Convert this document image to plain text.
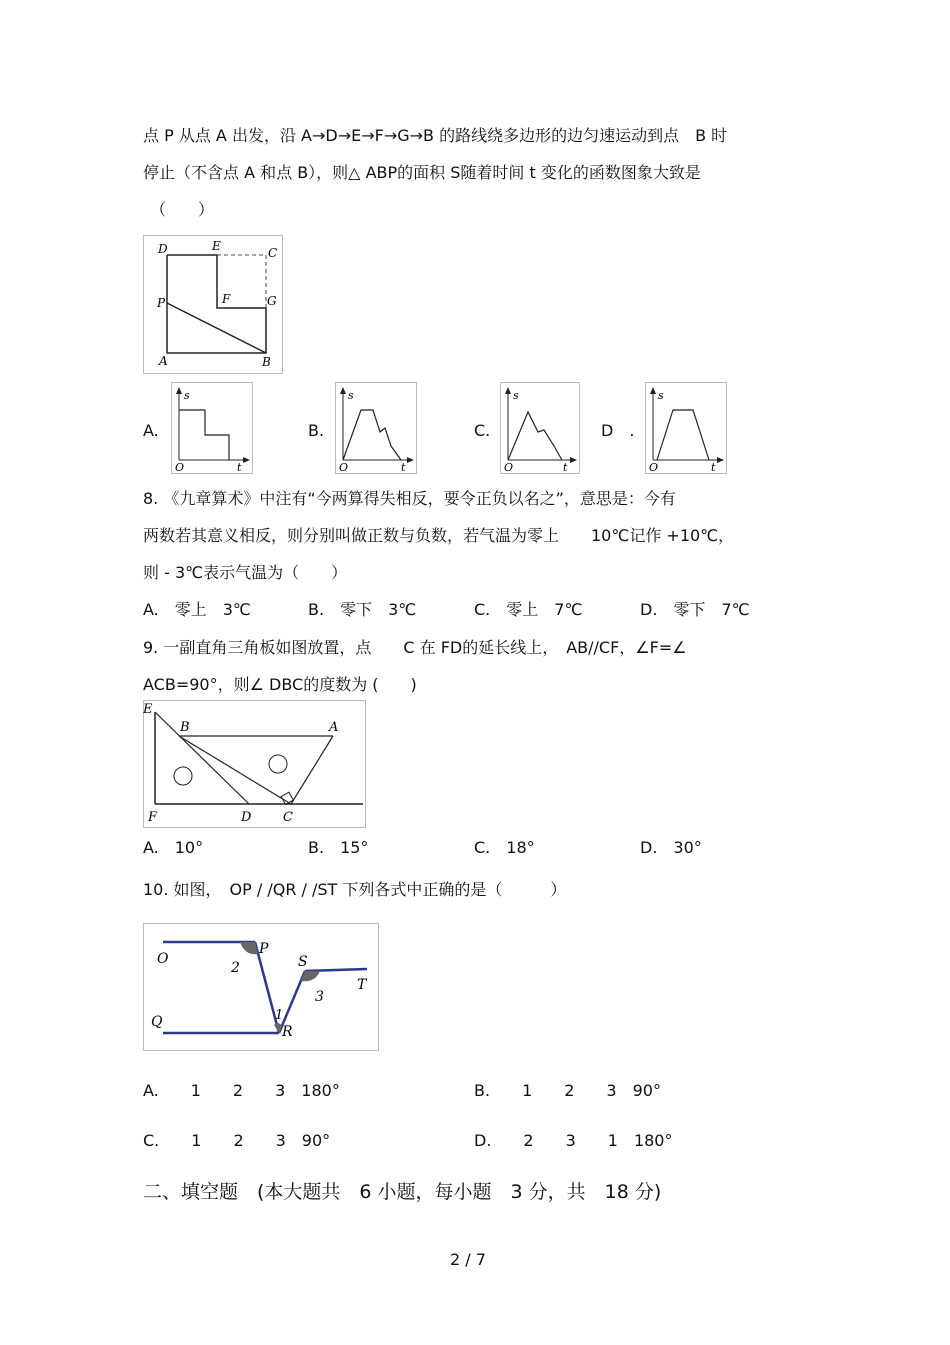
点 P 从点 A 出发，沿 A→D→E→F→G→B 的路线绕多边形的边匀速运动到点　B 时
停止（不含点 A 和点 B），则△ ABP的面积 S随着时间 t 变化的函数图象大致是
（　　）
D	E	C
P	F	G
A	B
A.
s
O	t
B.
s
O	t
C.
s
O	t
D　.
s
O	t
8. 《九章算术》中注有“今两算得失相反，要令正负以名之”，意思是：今有
两数若其意义相反，则分别叫做正数与负数，若气温为零上　　10℃记作 +10℃，
则 - 3℃表示气温为（　　）
A.　零上　3℃	B.　零下　3℃	C.　零上　7℃	D.　零下　7℃
9. 一副直角三角板如图放置，点　　C 在 FD的延长线上，　AB//CF，∠F=∠
ACB=90°，则∠ DBC的度数为 (　　)
E
B	A
F	D C
A.　10°	B.　15°	C.　18°	D.　30°
10. 如图，　OP / /QR / /ST 下列各式中正确的是（　　　）
O
P
2	S
3
T
Q	1
R
A.　　1　　2　　3　180°	B.　　1　　2　　3　90°
C.　　1　　2　　3　90°	D.　　2　　3　　1　180°
二、填空题　(本大题共　6 小题，每小题　3 分，共　18 分)
2 / 7
